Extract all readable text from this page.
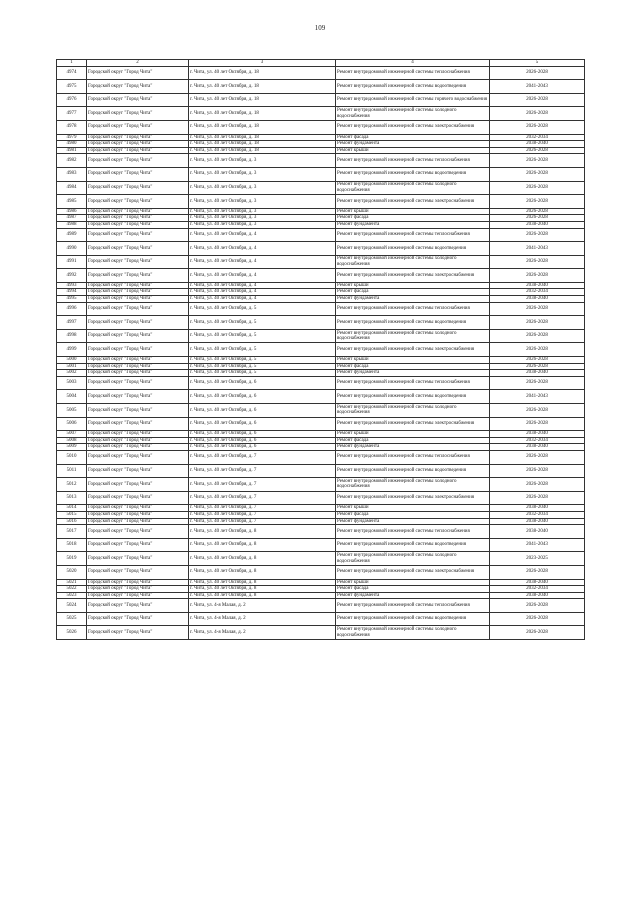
109
1	2	3	4	5
4974	Городской округ "Город Чита"	г. Чита, ул. 40 лет Октября, д. 18	Ремонт внутридомовой инженерной системы теплоснабжения	2026-2028
4975	Городской округ "Город Чита"	г. Чита, ул. 40 лет Октября, д. 18	Ремонт внутридомовой инженерной системы водоотведения	2041-2043
4976	Городской округ "Город Чита"	г. Чита, ул. 40 лет Октября, д. 18	Ремонт внутридомовой инженерной системы горячего водоснабжения	2026-2028
4977	Городской округ "Город Чита"	г. Чита, ул. 40 лет Октября, д. 18	Ремонт внутридомовой инженерной системы холодного водоснабжения	2026-2028
4978	Городской округ "Город Чита"	г. Чита, ул. 40 лет Октября, д. 18	Ремонт внутридомовой инженерной системы электроснабжения	2026-2028
4979	Городской округ "Город Чита"	г. Чита, ул. 40 лет Октября, д. 18	Ремонт фасада	2032-2034
4980	Городской округ "Город Чита"	г. Чита, ул. 40 лет Октября, д. 18	Ремонт фундамента	2038-2040
4981	Городской округ "Город Чита"	г. Чита, ул. 40 лет Октября, д. 18	Ремонт крыши	2026-2028
4982	Городской округ "Город Чита"	г. Чита, ул. 40 лет Октября, д. 3	Ремонт внутридомовой инженерной системы теплоснабжения	2026-2028
4983	Городской округ "Город Чита"	г. Чита, ул. 40 лет Октября, д. 3	Ремонт внутридомовой инженерной системы водоотведения	2026-2028
4984	Городской округ "Город Чита"	г. Чита, ул. 40 лет Октября, д. 3	Ремонт внутридомовой инженерной системы холодного водоснабжения	2026-2028
4985	Городской округ "Город Чита"	г. Чита, ул. 40 лет Октября, д. 3	Ремонт внутридомовой инженерной системы электроснабжения	2026-2028
4986	Городской округ "Город Чита"	г. Чита, ул. 40 лет Октября, д. 3	Ремонт крыши	2026-2028
4987	Городской округ "Город Чита"	г. Чита, ул. 40 лет Октября, д. 3	Ремонт фасада	2026-2028
4988	Городской округ "Город Чита"	г. Чита, ул. 40 лет Октября, д. 3	Ремонт фундамента	2038-2040
4989	Городской округ "Город Чита"	г. Чита, ул. 40 лет Октября, д. 4	Ремонт внутридомовой инженерной системы теплоснабжения	2026-2028
4990	Городской округ "Город Чита"	г. Чита, ул. 40 лет Октября, д. 4	Ремонт внутридомовой инженерной системы водоотведения	2041-2043
4991	Городской округ "Город Чита"	г. Чита, ул. 40 лет Октября, д. 4	Ремонт внутридомовой инженерной системы холодного водоснабжения	2026-2028
4992	Городской округ "Город Чита"	г. Чита, ул. 40 лет Октября, д. 4	Ремонт внутридомовой инженерной системы электроснабжения	2026-2028
4993	Городской округ "Город Чита"	г. Чита, ул. 40 лет Октября, д. 4	Ремонт крыши	2038-2040
4994	Городской округ "Город Чита"	г. Чита, ул. 40 лет Октября, д. 4	Ремонт фасада	2032-2034
4995	Городской округ "Город Чита"	г. Чита, ул. 40 лет Октября, д. 4	Ремонт фундамента	2038-2040
4996	Городской округ "Город Чита"	г. Чита, ул. 40 лет Октября, д. 5	Ремонт внутридомовой инженерной системы теплоснабжения	2026-2028
4997	Городской округ "Город Чита"	г. Чита, ул. 40 лет Октября, д. 5	Ремонт внутридомовой инженерной системы водоотведения	2026-2028
4998	Городской округ "Город Чита"	г. Чита, ул. 40 лет Октября, д. 5	Ремонт внутридомовой инженерной системы холодного водоснабжения	2026-2028
4999	Городской округ "Город Чита"	г. Чита, ул. 40 лет Октября, д. 5	Ремонт внутридомовой инженерной системы электроснабжения	2026-2028
5000	Городской округ "Город Чита"	г. Чита, ул. 40 лет Октября, д. 5	Ремонт крыши	2026-2028
5001	Городской округ "Город Чита"	г. Чита, ул. 40 лет Октября, д. 5	Ремонт фасада	2026-2028
5002	Городской округ "Город Чита"	г. Чита, ул. 40 лет Октября, д. 5	Ремонт фундамента	2038-2040
5003	Городской округ "Город Чита"	г. Чита, ул. 40 лет Октября, д. 6	Ремонт внутридомовой инженерной системы теплоснабжения	2026-2028
5004	Городской округ "Город Чита"	г. Чита, ул. 40 лет Октября, д. 6	Ремонт внутридомовой инженерной системы водоотведения	2041-2043
5005	Городской округ "Город Чита"	г. Чита, ул. 40 лет Октября, д. 6	Ремонт внутридомовой инженерной системы холодного водоснабжения	2026-2028
5006	Городской округ "Город Чита"	г. Чита, ул. 40 лет Октября, д. 6	Ремонт внутридомовой инженерной системы электроснабжения	2026-2028
5007	Городской округ "Город Чита"	г. Чита, ул. 40 лет Октября, д. 6	Ремонт крыши	2038-2040
5008	Городской округ "Город Чита"	г. Чита, ул. 40 лет Октября, д. 6	Ремонт фасада	2032-2034
5009	Городской округ "Город Чита"	г. Чита, ул. 40 лет Октября, д. 6	Ремонт фундамента	2038-2040
5010	Городской округ "Город Чита"	г. Чита, ул. 40 лет Октября, д. 7	Ремонт внутридомовой инженерной системы теплоснабжения	2026-2028
5011	Городской округ "Город Чита"	г. Чита, ул. 40 лет Октября, д. 7	Ремонт внутридомовой инженерной системы водоотведения	2026-2028
5012	Городской округ "Город Чита"	г. Чита, ул. 40 лет Октября, д. 7	Ремонт внутридомовой инженерной системы холодного водоснабжения	2026-2028
5013	Городской округ "Город Чита"	г. Чита, ул. 40 лет Октября, д. 7	Ремонт внутридомовой инженерной системы электроснабжения	2026-2028
5014	Городской округ "Город Чита"	г. Чита, ул. 40 лет Октября, д. 7	Ремонт крыши	2038-2040
5015	Городской округ "Город Чита"	г. Чита, ул. 40 лет Октября, д. 7	Ремонт фасада	2032-2034
5016	Городской округ "Город Чита"	г. Чита, ул. 40 лет Октября, д. 7	Ремонт фундамента	2038-2040
5017	Городской округ "Город Чита"	г. Чита, ул. 40 лет Октября, д. 8	Ремонт внутридомовой инженерной системы теплоснабжения	2038-2040
5018	Городской округ "Город Чита"	г. Чита, ул. 40 лет Октября, д. 8	Ремонт внутридомовой инженерной системы водоотведения	2041-2043
5019	Городской округ "Город Чита"	г. Чита, ул. 40 лет Октября, д. 8	Ремонт внутридомовой инженерной системы холодного водоснабжения	2023-2025
5020	Городской округ "Город Чита"	г. Чита, ул. 40 лет Октября, д. 8	Ремонт внутридомовой инженерной системы электроснабжения	2026-2028
5021	Городской округ "Город Чита"	г. Чита, ул. 40 лет Октября, д. 8	Ремонт крыши	2038-2040
5022	Городской округ "Город Чита"	г. Чита, ул. 40 лет Октября, д. 8	Ремонт фасада	2032-2034
5023	Городской округ "Город Чита"	г. Чита, ул. 40 лет Октября, д. 8	Ремонт фундамента	2038-2040
5024	Городской округ "Город Чита"	г. Чита, ул. 4-я Малая, д. 2	Ремонт внутридомовой инженерной системы теплоснабжения	2026-2028
5025	Городской округ "Город Чита"	г. Чита, ул. 4-я Малая, д. 2	Ремонт внутридомовой инженерной системы водоотведения	2026-2028
5026	Городской округ "Город Чита"	г. Чита, ул. 4-я Малая, д. 2	Ремонт внутридомовой инженерной системы холодного водоснабжения	2026-2028
